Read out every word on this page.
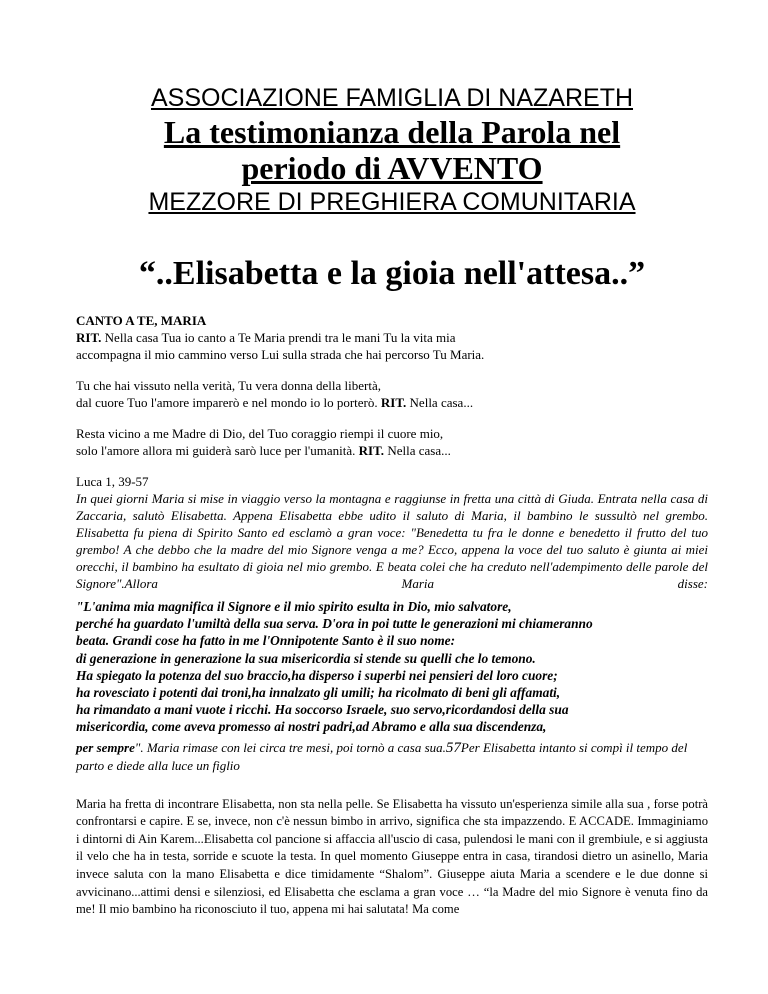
ASSOCIAZIONE FAMIGLIA DI NAZARETH

La testimonianza della Parola nel

periodo di AVVENTO

MEZZORE DI PREGHIERA COMUNITARIA

“..Elisabetta e la gioia nell'attesa..”

CANTO A TE, MARIA

RIT. Nella casa Tua io canto a Te Maria prendi tra le mani Tu la vita mia

accompagna il mio cammino verso Lui sulla strada che hai percorso Tu Maria.

Tu che hai vissuto nella verità, Tu vera donna della libertà,

dal cuore Tuo l'amore imparerò e nel mondo io lo porterò. RIT. Nella casa...

Resta vicino a me Madre di Dio, del Tuo coraggio riempi il cuore mio,

solo l'amore allora mi guiderà sarò luce per l'umanità. RIT. Nella casa...

Luca 1, 39-57

In quei giorni Maria si mise in viaggio verso la montagna e raggiunse in fretta una città di Giuda. Entrata nella casa di Zaccaria, salutò Elisabetta. Appena Elisabetta ebbe udito il saluto di Maria, il bambino le sussultò nel grembo. Elisabetta fu piena di Spirito Santo ed esclamò a gran voce: "Benedetta tu fra le donne e benedetto il frutto del tuo grembo! A che debbo che la madre del mio Signore venga a me? Ecco, appena la voce del tuo saluto è giunta ai miei orecchi, il bambino ha esultato di gioia nel mio grembo. E beata colei che ha creduto nell'adempimento delle parole del Signore".Allora Maria disse:

"L'anima mia magnifica il Signore e il mio spirito esulta in Dio, mio salvatore,

perché ha guardato l'umiltà della sua serva. D'ora in poi tutte le generazioni mi chiameranno

beata. Grandi cose ha fatto in me l'Onnipotente Santo è il suo nome:

di generazione in generazione la sua misericordia si stende su quelli che lo temono.

Ha spiegato la potenza del suo braccio,ha disperso i superbi nei pensieri del loro cuore;

ha rovesciato i potenti dai troni,ha innalzato gli umili; ha ricolmato di beni gli affamati,

ha rimandato a mani vuote i ricchi. Ha soccorso Israele, suo servo,ricordandosi della sua

misericordia, come aveva promesso ai nostri padri,ad Abramo e alla sua discendenza,

per sempre". Maria rimase con lei circa tre mesi, poi tornò a casa sua.57Per Elisabetta intanto si compì il tempo del parto e diede alla luce un figlio

Maria ha fretta di incontrare Elisabetta, non sta nella pelle. Se Elisabetta ha vissuto un'esperienza simile alla sua , forse potrà confrontarsi e capire. E se, invece, non c'è nessun bimbo in arrivo, significa che sta impazzendo. E ACCADE. Immaginiamo i dintorni di Ain Karem...Elisabetta col pancione si affaccia all'uscio di casa, pulendosi le mani con il grembiule, e si aggiusta il velo che ha in testa, sorride e scuote la testa. In quel momento Giuseppe entra in casa, tirandosi dietro un asinello, Maria invece saluta con la mano Elisabetta e dice timidamente “Shalom”. Giuseppe aiuta Maria a scendere e le due donne si avvicinano...attimi densi e silenziosi, ed Elisabetta che esclama a gran voce … “la Madre del mio Signore è venuta fino da me! Il mio bambino ha riconosciuto il tuo, appena mi hai salutata! Ma come
